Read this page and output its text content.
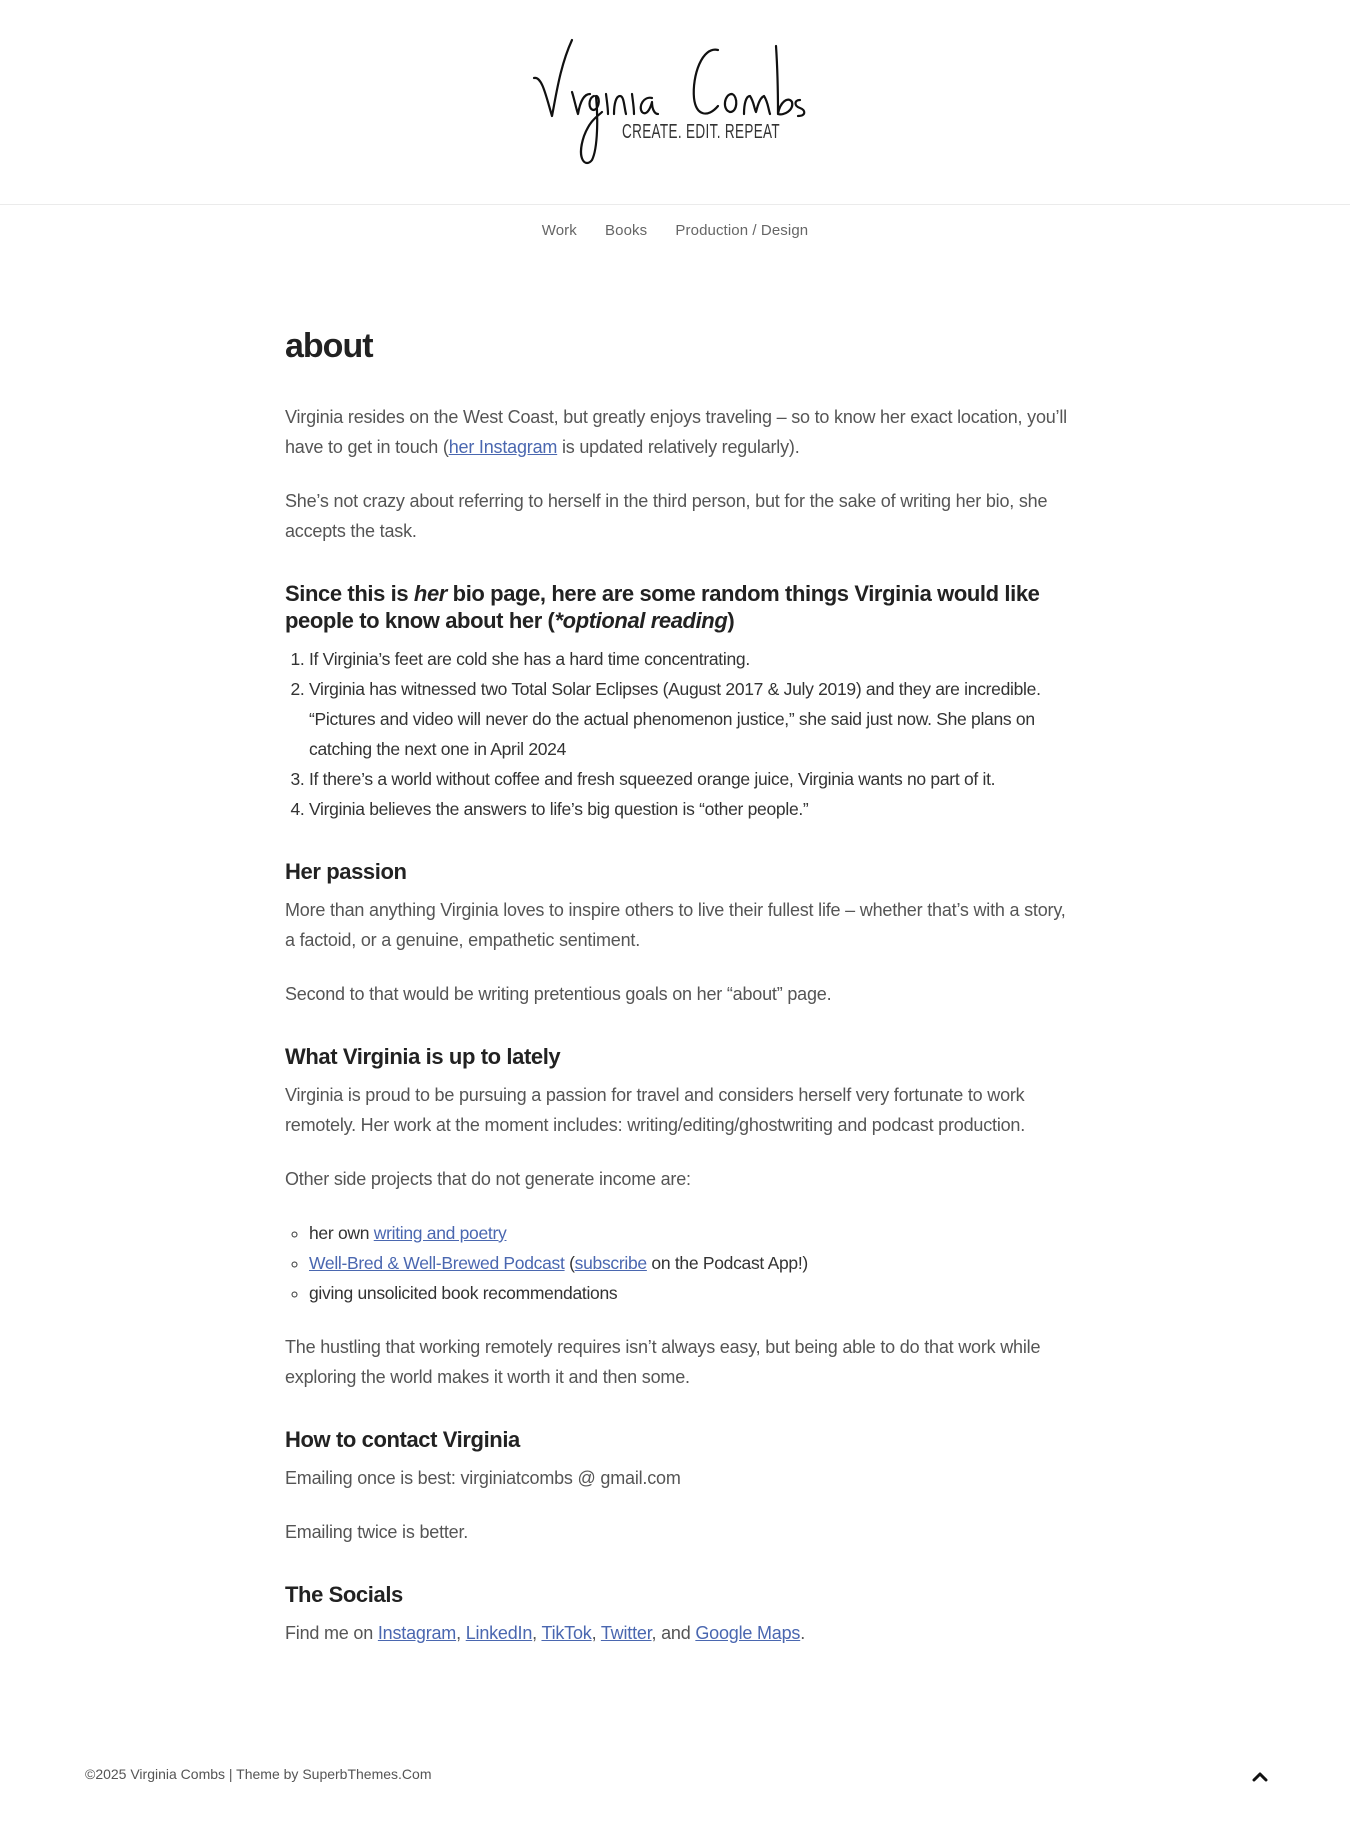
CREATE. EDIT. REPEAT
Work Books Production / Design
about

Virginia resides on the West Coast, but greatly enjoys traveling – so to know her exact location, you’ll have to get in touch (her Instagram is updated relatively regularly).

She’s not crazy about referring to herself in the third person, but for the sake of writing her bio, she accepts the task.

Since this is her bio page, here are some random things Virginia would like people to know about her (*optional reading)
1. If Virginia’s feet are cold she has a hard time concentrating.
2. Virginia has witnessed two Total Solar Eclipses (August 2017 & July 2019) and they are incredible. “Pictures and video will never do the actual phenomenon justice,” she said just now. She plans on catching the next one in April 2024
3. If there’s a world without coffee and fresh squeezed orange juice, Virginia wants no part of it.
4. Virginia believes the answers to life’s big question is “other people.”
Her passion

More than anything Virginia loves to inspire others to live their fullest life – whether that’s with a story, a factoid, or a genuine, empathetic sentiment.

Second to that would be writing pretentious goals on her “about” page.

What Virginia is up to lately

Virginia is proud to be pursuing a passion for travel and considers herself very fortunate to work remotely. Her work at the moment includes: writing/editing/ghostwriting and podcast production.

Other side projects that do not generate income are:

◦ her own writing and poetry
◦ Well-Bred & Well-Brewed Podcast (subscribe on the Podcast App!)
◦ giving unsolicited book recommendations

The hustling that working remotely requires isn’t always easy, but being able to do that work while exploring the world makes it worth it and then some.

How to contact Virginia

Emailing once is best: virginiatcombs @ gmail.com

Emailing twice is better.

The Socials

Find me on Instagram, LinkedIn, TikTok, Twitter, and Google Maps.

©2025 Virginia Combs | Theme by SuperbThemes.Com
